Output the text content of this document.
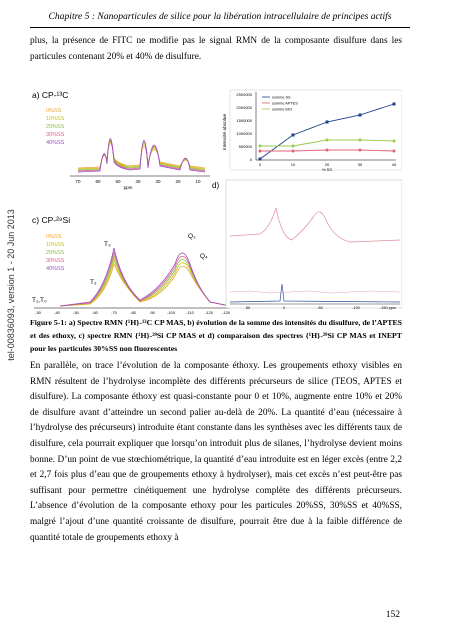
tel-00836093, version 1 - 20 Jun 2013
Chapitre 5 : Nanoparticules de silice pour la libération intracellulaire de principes actifs
plus, la présence de FITC ne modifie pas le signal RMN de la composante disulfure dans les particules contenant 20% et 40% de disulfure.
a) CP-¹³C
0%SS
10%SS
20%SS
30%SS
40%SS
70	60	50	40	30	20	10
ppm
Intensité absolue
2500000
2000000
1500000
1000000
500000
0
0	10	20	30	40
% SS
somme SS
somme APTES
somme EtO
c) CP-²⁹Si
0%SS
10%SS
20%SS
30%SS
40%SS
T₁,T₀
T₂
T₃
Q₃
Q₄
-30	-40	-50	-60	-70	-80	-90	-100	-110	-120 -130
d)
50	0	-50	-100	-150 ppm
Figure 5-1: a) Spectre RMN {¹H}-¹³C CP MAS, b) évolution de la somme des intensités du disulfure, de l’APTES et des ethoxy, c) spectre RMN {¹H}-²⁹Si CP MAS et d) comparaison des spectres {¹H}-²⁹Si CP MAS et INEPT pour les particules 30%SS non fluorescentes
En parallèle, on trace l’évolution de la composante éthoxy. Les groupements ethoxy visibles en RMN résultent de l’hydrolyse incomplète des différents précurseurs de silice (TEOS, APTES et disulfure). La composante éthoxy est quasi-constante pour 0 et 10%, augmente entre 10% et 20% de disulfure avant d’atteindre un second palier au-delà de 20%. La quantité d’eau (nécessaire à l’hydrolyse des précurseurs) introduite étant constante dans les synthèses avec les différents taux de disulfure, cela pourrait expliquer que lorsqu’on introduit plus de silanes, l’hydrolyse devient moins bonne. D’un point de vue stœchiométrique, la quantité d’eau introduite est en léger excès (entre 2,2 et 2,7 fois plus d’eau que de groupements ethoxy à hydrolyser), mais cet excès n’est peut-être pas suffisant pour permettre cinétiquement une hydrolyse complète des différents précurseurs. L’absence d’évolution de la composante ethoxy pour les particules 20%SS, 30%SS et 40%SS, malgré l’ajout d’une quantité croissante de disulfure, pourrait être due à la faible différence de quantité totale de groupements ethoxy à
152
